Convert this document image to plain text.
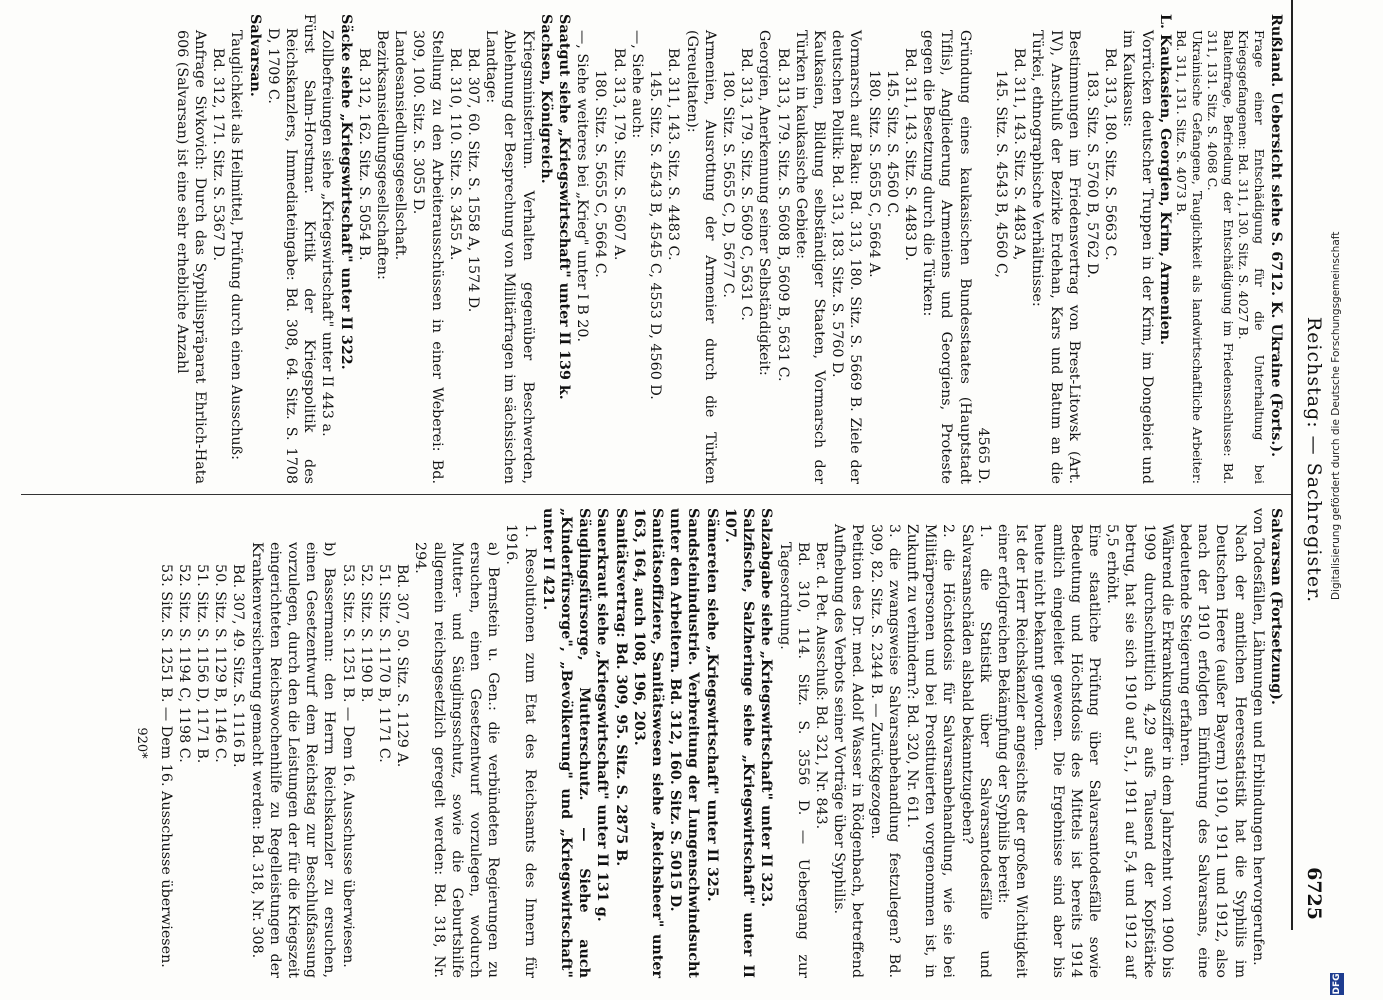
Reichstag: — Sachregister.
6725

Rußland. Uebersicht siehe S. 6712. K. Ukraine (Forts.).

Frage einer Entschädigung für die Unterhaltung bei Kriegsgefangenen: Bd. 311, 130. Sitz. S. 4027 B.

Baltenfrage, Befriedung der Entschädigung im Friedensschlusse: Bd. 311, 131. Sitz. S. 4068 C.

Ukrainische Gefangene, Tauglichkeit als landwirtschaftliche Arbeiter: Bd. 311, 131. Sitz. S. 4073 B.

L. Kaukasien, Georgien, Krim, Armenien.

Vorrücken deutscher Truppen in der Krim, im Dongebiet und im Kaukasus:

Bd. 313, 180. Sitz. S. 5663 C.

183. Sitz. S. 5760 B, 5762 D.

Bestimmungen im Friedensvertrag von Brest-Litowsk (Art. IV), Anschluß der Bezirke Erdehan, Kars und Batum an die Türkei, ethnographische Verhältnisse:

Bd. 311, 143. Sitz. S. 4483 A,

145. Sitz. S. 4543 B, 4560 C,

4565 D.

Gründung eines kaukasischen Bundesstaates (Hauptstadt Tiflis), Angliederung Armeniens und Georgiens, Proteste gegen die Besetzung durch die Türken:

Bd. 311, 143. Sitz. S. 4483 D.

145. Sitz. S. 4560 C.

180. Sitz. S. 5655 C, 5664 A.

Vormarsch auf Baku: Bd. 313, 180. Sitz. S. 5669 B. Ziele der deutschen Politik: Bd. 313, 183. Sitz. S. 5760 D.

Kaukasien, Bildung selbständiger Staaten, Vormarsch der Türken in kaukasische Gebiete:

Bd. 313, 179. Sitz. S. 5608 B, 5609 B, 5631 C.

Georgien, Anerkennung seiner Selbständigkeit:

Bd. 313, 179. Sitz. S. 5609 C, 5631 C.

180. Sitz. S. 5655 C, D, 5677 C.

Armenien, Ausrottung der Armenier durch die Türken (Greueltaten):

Bd. 311, 143. Sitz. S. 4483 C.

145. Sitz. S. 4543 B, 4545 C, 4553 D, 4560 D.

—, Siehe auch:

Bd. 313, 179. Sitz. S. 5607 A.

180. Sitz. S. 5655 C, 5664 C.

—, Siehe weiteres bei „Krieg" unter I B 20.

Saatgut siehe „Kriegswirtschaft" unter II 139 k.

Sachsen, Königreich.

Kriegsministerium. Verhalten gegenüber Beschwerden, Ablehnung der Besprechung von Militärfragen im sächsischen Landtage:

Bd. 307, 60. Sitz. S. 1558 A, 1574 D.

Bd. 310, 110. Sitz. S. 3455 A.

Stellung zu den Arbeiterausschüssen in einer Weberei: Bd. 309, 100. Sitz. S. 3055 D.

Landesansiedlungsgesellschaft. Bezirksansiedlungsgesellschaften:

Bd. 312, 162. Sitz. S. 5054 B.

Säcke siehe „Kriegswirtschaft" unter II 322.

Zollbefreiungen siehe „Kriegswirtschaft" unter II 443 a.

Fürst Salm-Horstmar. Kritik der Kriegspolitik des Reichskanzlers, Immediateingabe: Bd. 308, 64. Sitz. S. 1708 D, 1709 C.

Salvarsan.

Tauglichkeit als Heilmittel, Prüfung durch einen Ausschuß:

Bd. 312, 171. Sitz. S. 5367 D.

Anfrage Sivkovich: Durch das Syphilispräparat Ehrlich-Hata 606 (Salvarsan) ist eine sehr erhebliche Anzahl

Salvarsan (Fortsetzung).

von Todesfällen, Lähmungen und Erblindungen hervorgerufen.

Nach der amtlichen Heeresstatistik hat die Syphilis im Deutschen Heere (außer Bayern) 1910, 1911 und 1912, also nach der 1910 erfolgten Einführung des Salvarsans, eine bedeutende Steigerung erfahren.

Während die Erkrankungsziffer in dem Jahrzehnt von 1900 bis 1909 durchschnittlich 4,29 aufs Tausend der Kopfstärke betrug, hat sie sich 1910 auf 5,1, 1911 auf 5,4 und 1912 auf 5,5 erhöht.

Eine staatliche Prüfung über Salvarsantodesfälle sowie Bedeutung und Höchstdosis des Mittels ist bereits 1914 amtlich eingeleitet gewesen. Die Ergebnisse sind aber bis heute nicht bekannt geworden.

Ist der Herr Reichskanzler angesichts der großen Wichtigkeit einer erfolgreichen Bekämpfung der Syphilis bereit:

1. die Statistik über Salvarsantodesfälle und Salvarsanschäden alsbald bekanntzugeben?

2. die Höchstdosis für Salvarsanbehandlung, wie sie bei Militärpersonen und bei Prostituierten vorgenommen ist, in Zukunft zu verhindern?: Bd. 320, Nr. 611.

3. die zwangsweise Salvarsanbehandlung festzulegen? Bd. 309, 82. Sitz. S. 2344 B. — Zurückgezogen.

Petition des Dr. med. Adolf Wasser in Rödgenbach, betreffend Aufhebung des Verbots seiner Vorträge über Syphilis.

Ber. d. Pet. Ausschuß: Bd. 321, Nr. 843.

Bd. 310, 114. Sitz. S. 3556 D. — Uebergang zur Tagesordnung.

Salzabgabe siehe „Kriegswirtschaft" unter II 323.

Salzfische, Salzheringe siehe „Kriegswirtschaft" unter II 107.

Sämereien siehe „Kriegswirtschaft" unter II 325.

Sandsteinindustrie. Verbreitung der Lungenschwindsucht unter den Arbeitern. Bd. 312, 160. Sitz. S. 5015 D.

Sanitätsoffiziere, Sanitätswesen siehe „Reichsheer" unter 163, 164, auch 108, 196, 203.

Sanitätsvertrag: Bd. 309, 95. Sitz. S. 2875 B.

Sauerkraut siehe „Kriegswirtschaft" unter II 131 g.

Säuglingsfürsorge, Mutterschutz. — Siehe auch „Kinderfürsorge", „Bevölkerung" und „Kriegswirtschaft" unter II 421.

1. Resolutionen zum Etat des Reichsamts des Innern für 1916.

a) Bernstein u. Gen.: die verbündeten Regierungen zu ersuchen, einen Gesetzentwurf vorzulegen, wodurch Mutter- und Säuglingsschutz, sowie die Geburtshilfe allgemein reichsgesetzlich geregelt werden: Bd. 318, Nr. 294.

Bd. 307, 50. Sitz. S. 1129 A.

51. Sitz. S. 1170 B, 1171 C.

52. Sitz. S. 1190 B.

53. Sitz. S. 1251 B. — Dem 16. Ausschusse überwiesen.

b) Bassermann: den Herrn Reichskanzler zu ersuchen, einen Gesetzentwurf dem Reichstag zur Beschlußfassung vorzulegen, durch den die Leistungen der für die Kriegszeit eingerichteten Reichswochenhilfe zu Regelleistungen der Krankenversicherung gemacht werden: Bd. 318, Nr. 308.

Bd. 307, 49. Sitz. S. 1116 B.

50. Sitz. S. 1129 B, 1146 C.

51. Sitz. S. 1156 D, 1171 B.

52. Sitz. S. 1194 C, 1198 C.

53. Sitz. S. 1251 B. — Dem 16. Ausschusse überwiesen.

920*
Digitalisierung gefördert durch die Deutsche Forschungsgemeinschaft
DFG
